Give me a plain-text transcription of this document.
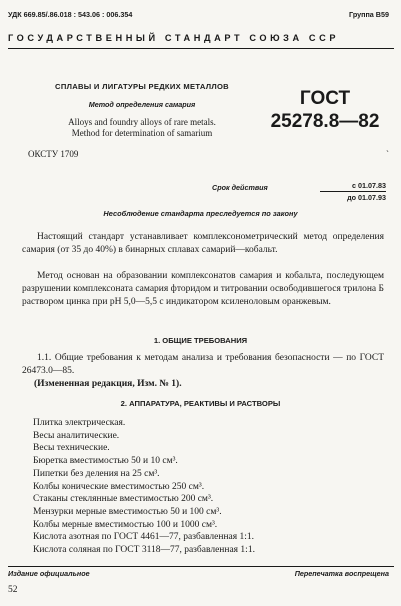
УДК 669.85/.86.018 : 543.06 : 006.354	Группа В59
ГОСУДАРСТВЕННЫЙ СТАНДАРТ СОЮЗА ССР
СПЛАВЫ И ЛИГАТУРЫ РЕДКИХ МЕТАЛЛОВ
Метод определения самария
Alloys and foundry alloys of rare metals.
Method for determination of samarium
ГОСТ
25278.8—82
ОКСТУ 1709	ˋ
Срок действия	с 01.07.83
до 01.07.93
Несоблюдение стандарта преследуется по закону

Настоящий стандарт устанавливает комплексонометрический метод определения самария (от 35 до 40%) в бинарных сплавах самарий—кобальт.

Метод основан на образовании комплексонатов самария и кобальта, последующем разрушении комплексоната самария фторидом и титровании освободившегося трилона Б раствором цинка при pH 5,0—5,5 с индикатором ксиленоловым оранжевым.

1. ОБЩИЕ ТРЕБОВАНИЯ

1.1. Общие требования к методам анализа и требования безопасности — по ГОСТ 26473.0—85.

(Измененная редакция, Изм. № 1).
2. АППАРАТУРА, РЕАКТИВЫ И РАСТВОРЫ
Плитка электрическая.
Весы аналитические.
Весы технические.
Бюретка вместимостью 50 и 10 см³.
Пипетки без деления на 25 см³.
Колбы конические вместимостью 250 см³.
Стаканы стеклянные вместимостью 200 см³.
Мензурки мерные вместимостью 50 и 100 см³.
Колбы мерные вместимостью 100 и 1000 см³.
Кислота азотная по ГОСТ 4461—77, разбавленная 1:1.
Кислота соляная по ГОСТ 3118—77, разбавленная 1:1.
Издание официальное	Перепечатка воспрещена
52
